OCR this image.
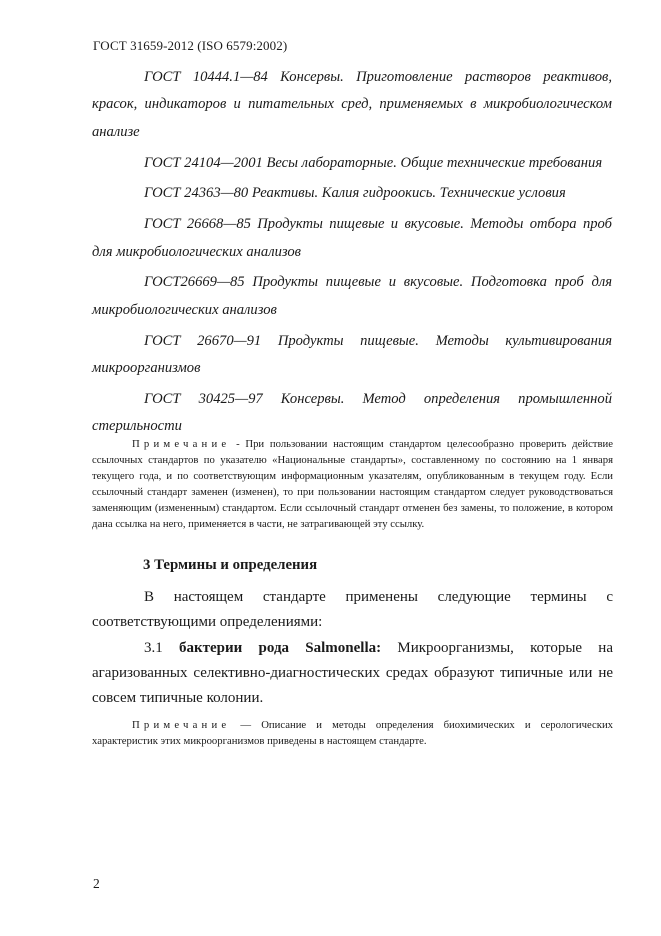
ГОСТ 31659-2012 (ISO 6579:2002)

ГОСТ 10444.1—84 Консервы. Приготовление растворов реактивов, красок, индикаторов и питательных сред, применяемых в микробиологическом анализе

ГОСТ 24104—2001 Весы лабораторные. Общие технические требования

ГОСТ 24363—80 Реактивы. Калия гидроокись. Технические условия

ГОСТ 26668—85 Продукты пищевые и вкусовые. Методы отбора проб для микробиологических анализов

ГОСТ26669—85 Продукты пищевые и вкусовые. Подготовка проб для микробиологических анализов

ГОСТ 26670—91 Продукты пищевые. Методы культивирования микроорганизмов

ГОСТ 30425—97 Консервы. Метод определения промышленной стерильности

Примечание - При пользовании настоящим стандартом целесообразно проверить действие ссылочных стандартов по указателю «Национальные стандарты», составленному по состоянию на 1 января текущего года, и по соответствующим информационным указателям, опубликованным в текущем году. Если ссылочный стандарт заменен (изменен), то при пользовании настоящим стандартом следует руководствоваться заменяющим (измененным) стандартом. Если ссылочный стандарт отменен без замены, то положение, в котором дана ссылка на него, применяется в части, не затрагивающей эту ссылку.

3 Термины и определения

В настоящем стандарте применены следующие термины с соответствующими определениями:

3.1 бактерии рода Salmonella: Микроорганизмы, которые на агаризованных селективно-диагностических средах образуют типичные или не совсем типичные колонии.

Примечание — Описание и методы определения биохимических и серологических характеристик этих микроорганизмов приведены в настоящем стандарте.

2
